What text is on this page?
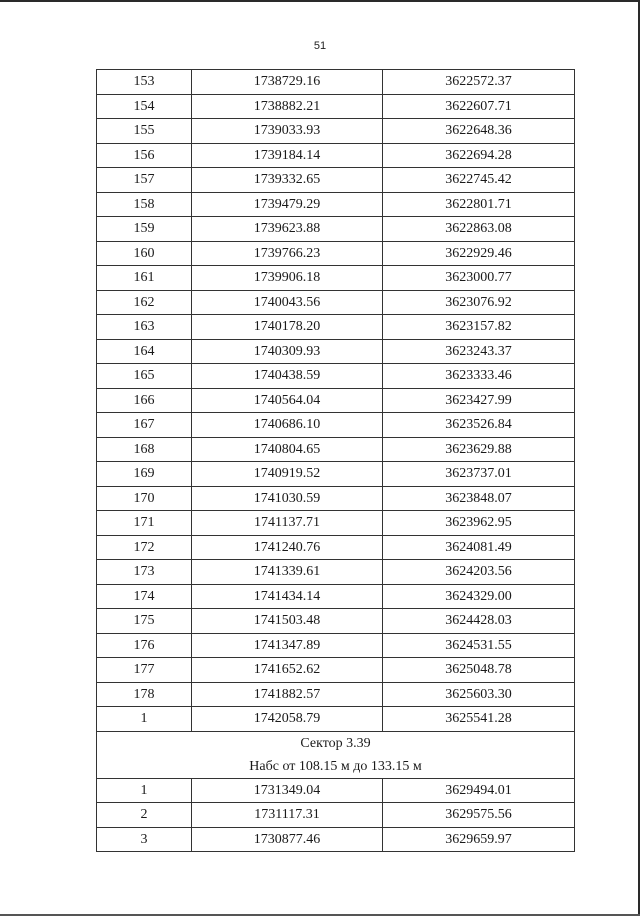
51
153	1738729.16	3622572.37
154	1738882.21	3622607.71
155	1739033.93	3622648.36
156	1739184.14	3622694.28
157	1739332.65	3622745.42
158	1739479.29	3622801.71
159	1739623.88	3622863.08
160	1739766.23	3622929.46
161	1739906.18	3623000.77
162	1740043.56	3623076.92
163	1740178.20	3623157.82
164	1740309.93	3623243.37
165	1740438.59	3623333.46
166	1740564.04	3623427.99
167	1740686.10	3623526.84
168	1740804.65	3623629.88
169	1740919.52	3623737.01
170	1741030.59	3623848.07
171	1741137.71	3623962.95
172	1741240.76	3624081.49
173	1741339.61	3624203.56
174	1741434.14	3624329.00
175	1741503.48	3624428.03
176	1741347.89	3624531.55
177	1741652.62	3625048.78
178	1741882.57	3625603.30
1	1742058.79	3625541.28

Сектор 3.39
Набс от 108.15 м до 133.15 м		

1	1731349.04	3629494.01
2	1731117.31	3629575.56
3	1730877.46	3629659.97
